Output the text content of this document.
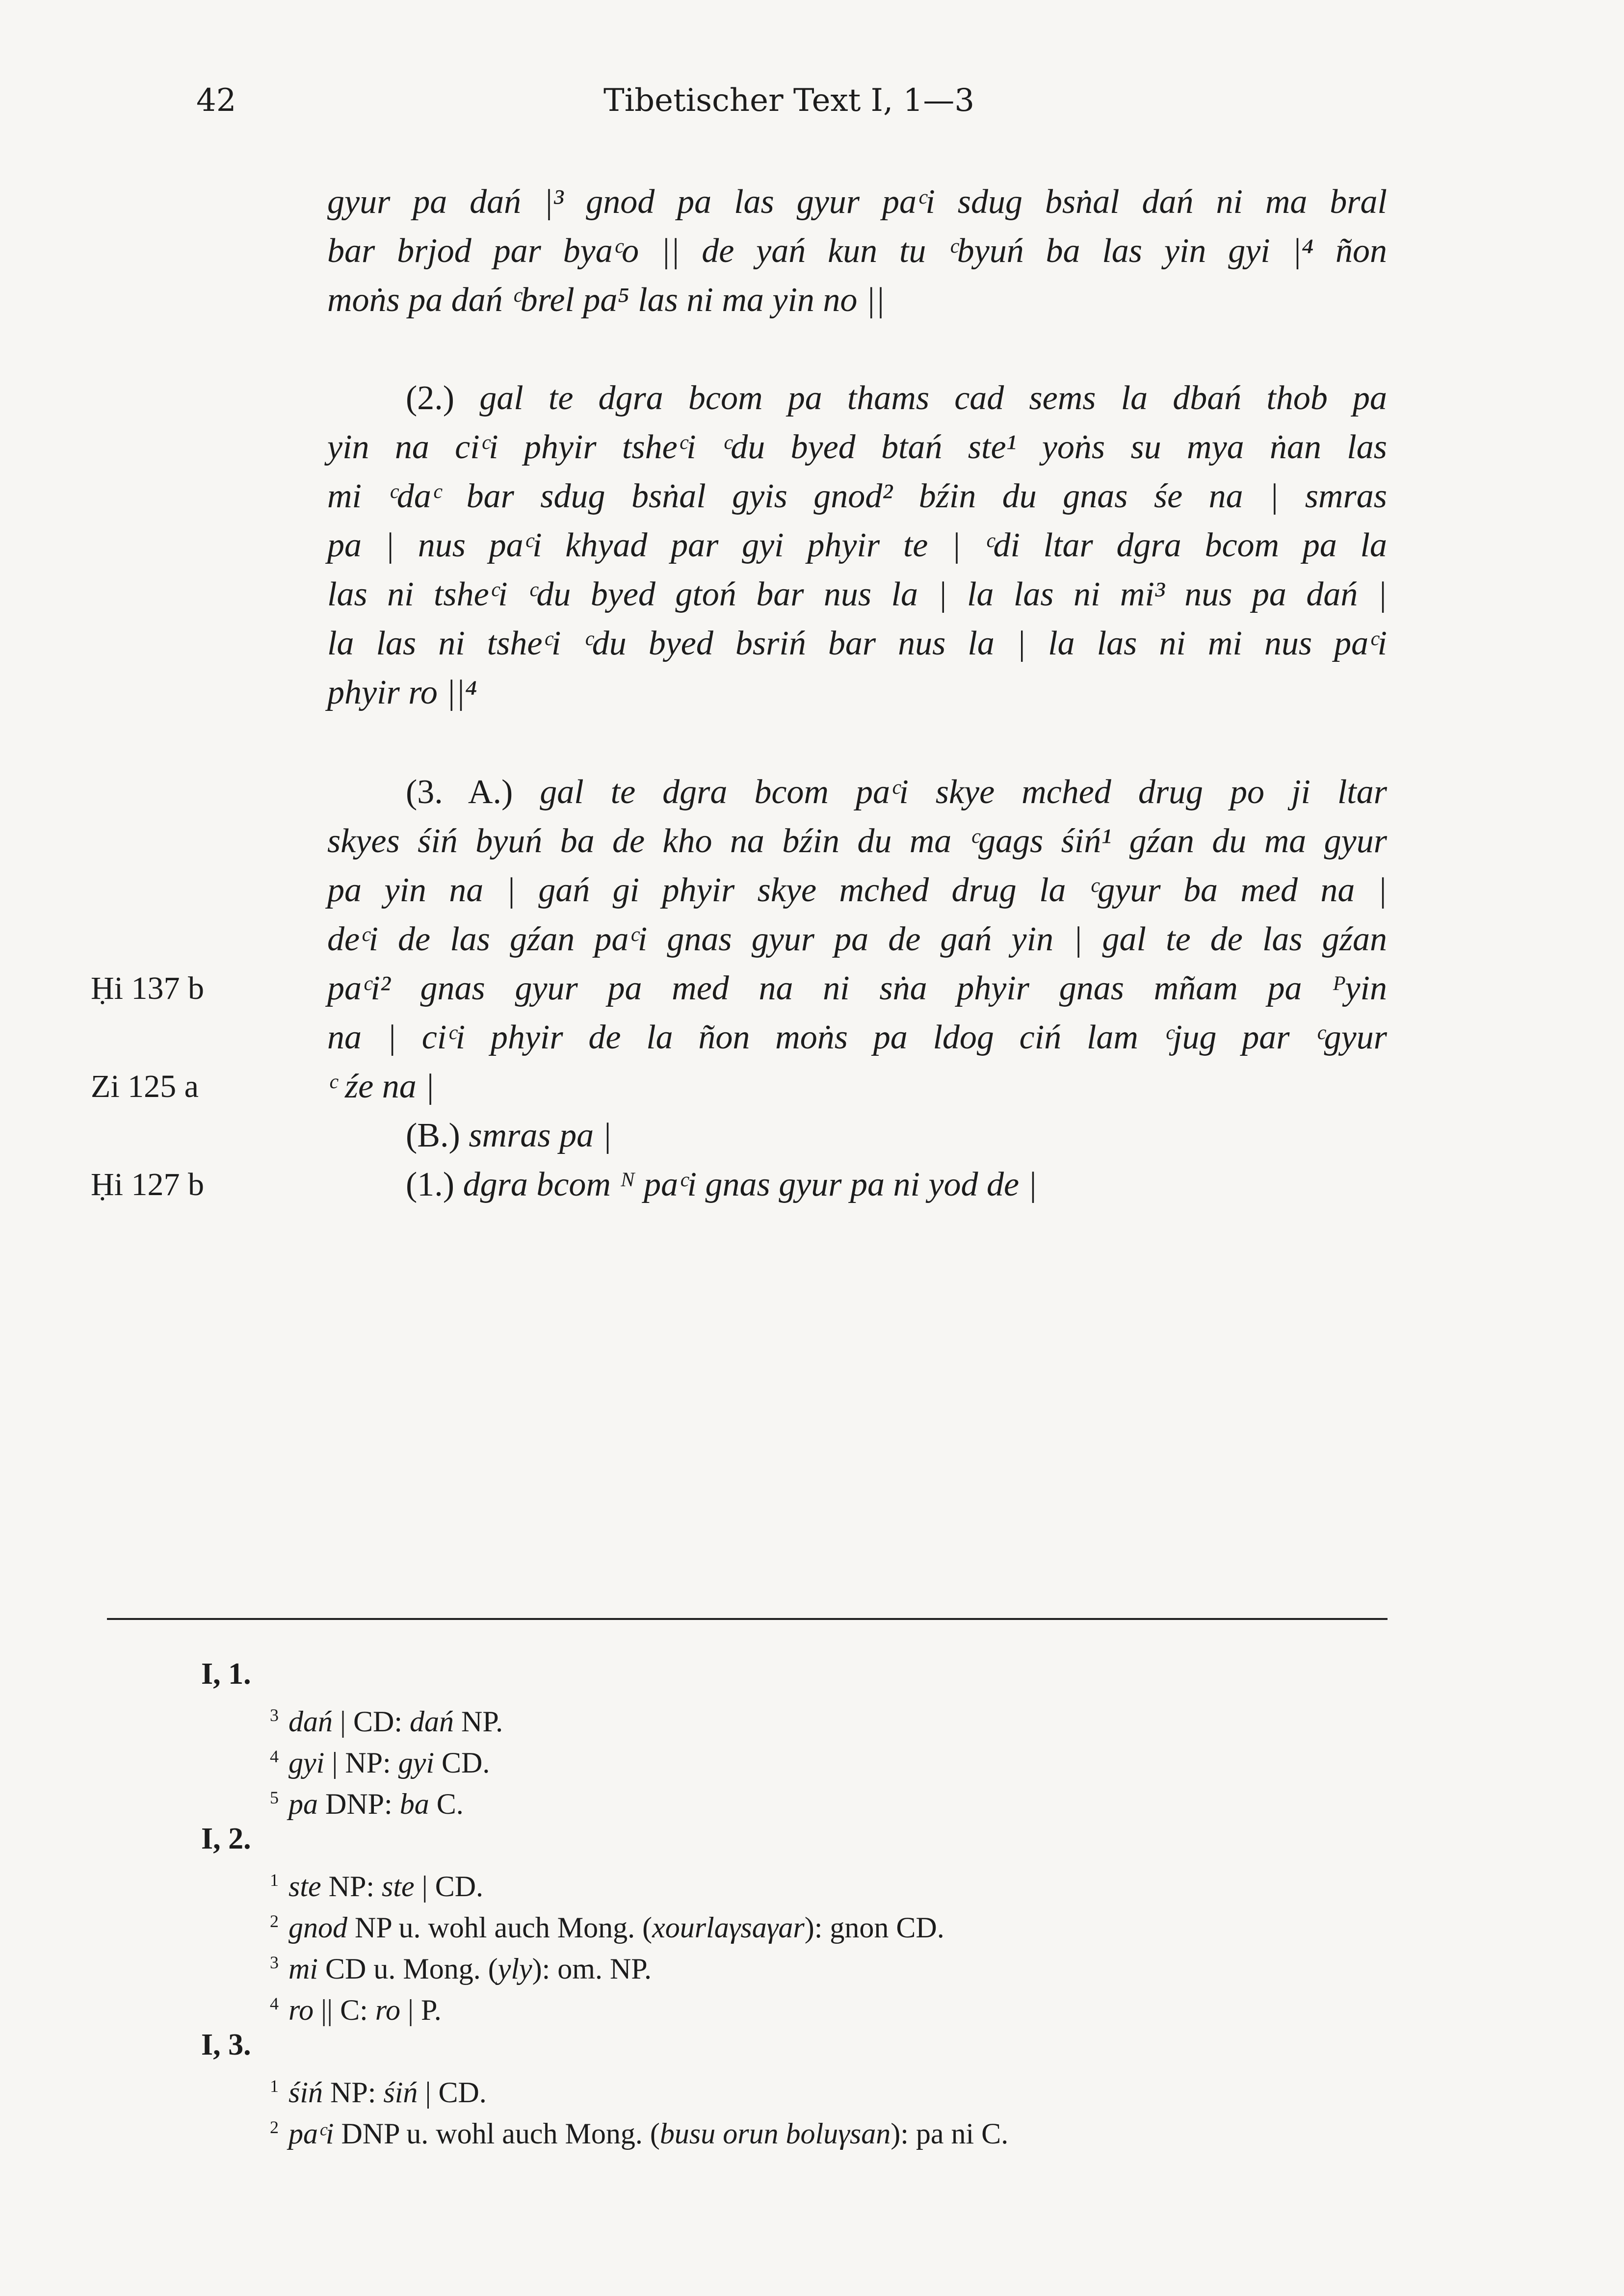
42	Tibetischer Text I, 1—3
gyur pa dań |³ gnod pa las gyur paᶜi sdug bsṅal dań ni ma bral
bar brjod par byaᶜo || de yań kun tu ᶜbyuń ba las yin gyi |⁴ ñon
moṅs pa dań ᶜbrel pa⁵ las ni ma yin no ||
(2.) gal te dgra bcom pa thams cad sems la dbań thob pa
yin na ciᶜi phyir tsheᶜi ᶜdu byed btań ste¹ yoṅs su mya ṅan las
mi ᶜdaᶜ bar sdug bsṅal gyis gnod² bźin du gnas śe na | smras
pa | nus paᶜi khyad par gyi phyir te | ᶜdi ltar dgra bcom pa la
las ni tsheᶜi ᶜdu byed gtoń bar nus la | la las ni mi³ nus pa dań |
la las ni tsheᶜi ᶜdu byed bsriń bar nus la | la las ni mi nus paᶜi
phyir ro ||⁴
(3. A.) gal te dgra bcom paᶜi skye mched drug po ji ltar
skyes śiń byuń ba de kho na bźin du ma ᶜgags śiń¹ gźan du ma gyur
pa yin na | gań gi phyir skye mched drug la ᶜgyur ba med na |
deᶜi de las gźan paᶜi gnas gyur pa de gań yin | gal te de las gźan
paᶜi² gnas gyur pa med na ni sṅa phyir gnas mñam pa ᴾyin
na | ciᶜi phyir de la ñon moṅs pa ldog ciń lam ᶜjug par ᶜgyur
ᶜ źe na |
(B.) smras pa |
(1.) dgra bcom ᴺ paᶜi gnas gyur pa ni yod de |
Ḥi 137 b
Zi 125 a
Ḥi 127 b
I, 1.
$^3$ dań | CD: dań NP.
$^4$ gyi | NP: gyi CD.
$^5$ pa DNP: ba C.
I, 2.
$^1$ ste NP: ste | CD.
$^2$ gnod NP u. wohl auch Mong. (xourlaγsaγar): gnon CD.
$^3$ mi CD u. Mong. (yly): om. NP.
$^4$ ro || C: ro | P.
I, 3.
$^1$ śiń NP: śiń | CD.
$^2$ paᶜi DNP u. wohl auch Mong. (busu orun boluγsan): pa ni C.
